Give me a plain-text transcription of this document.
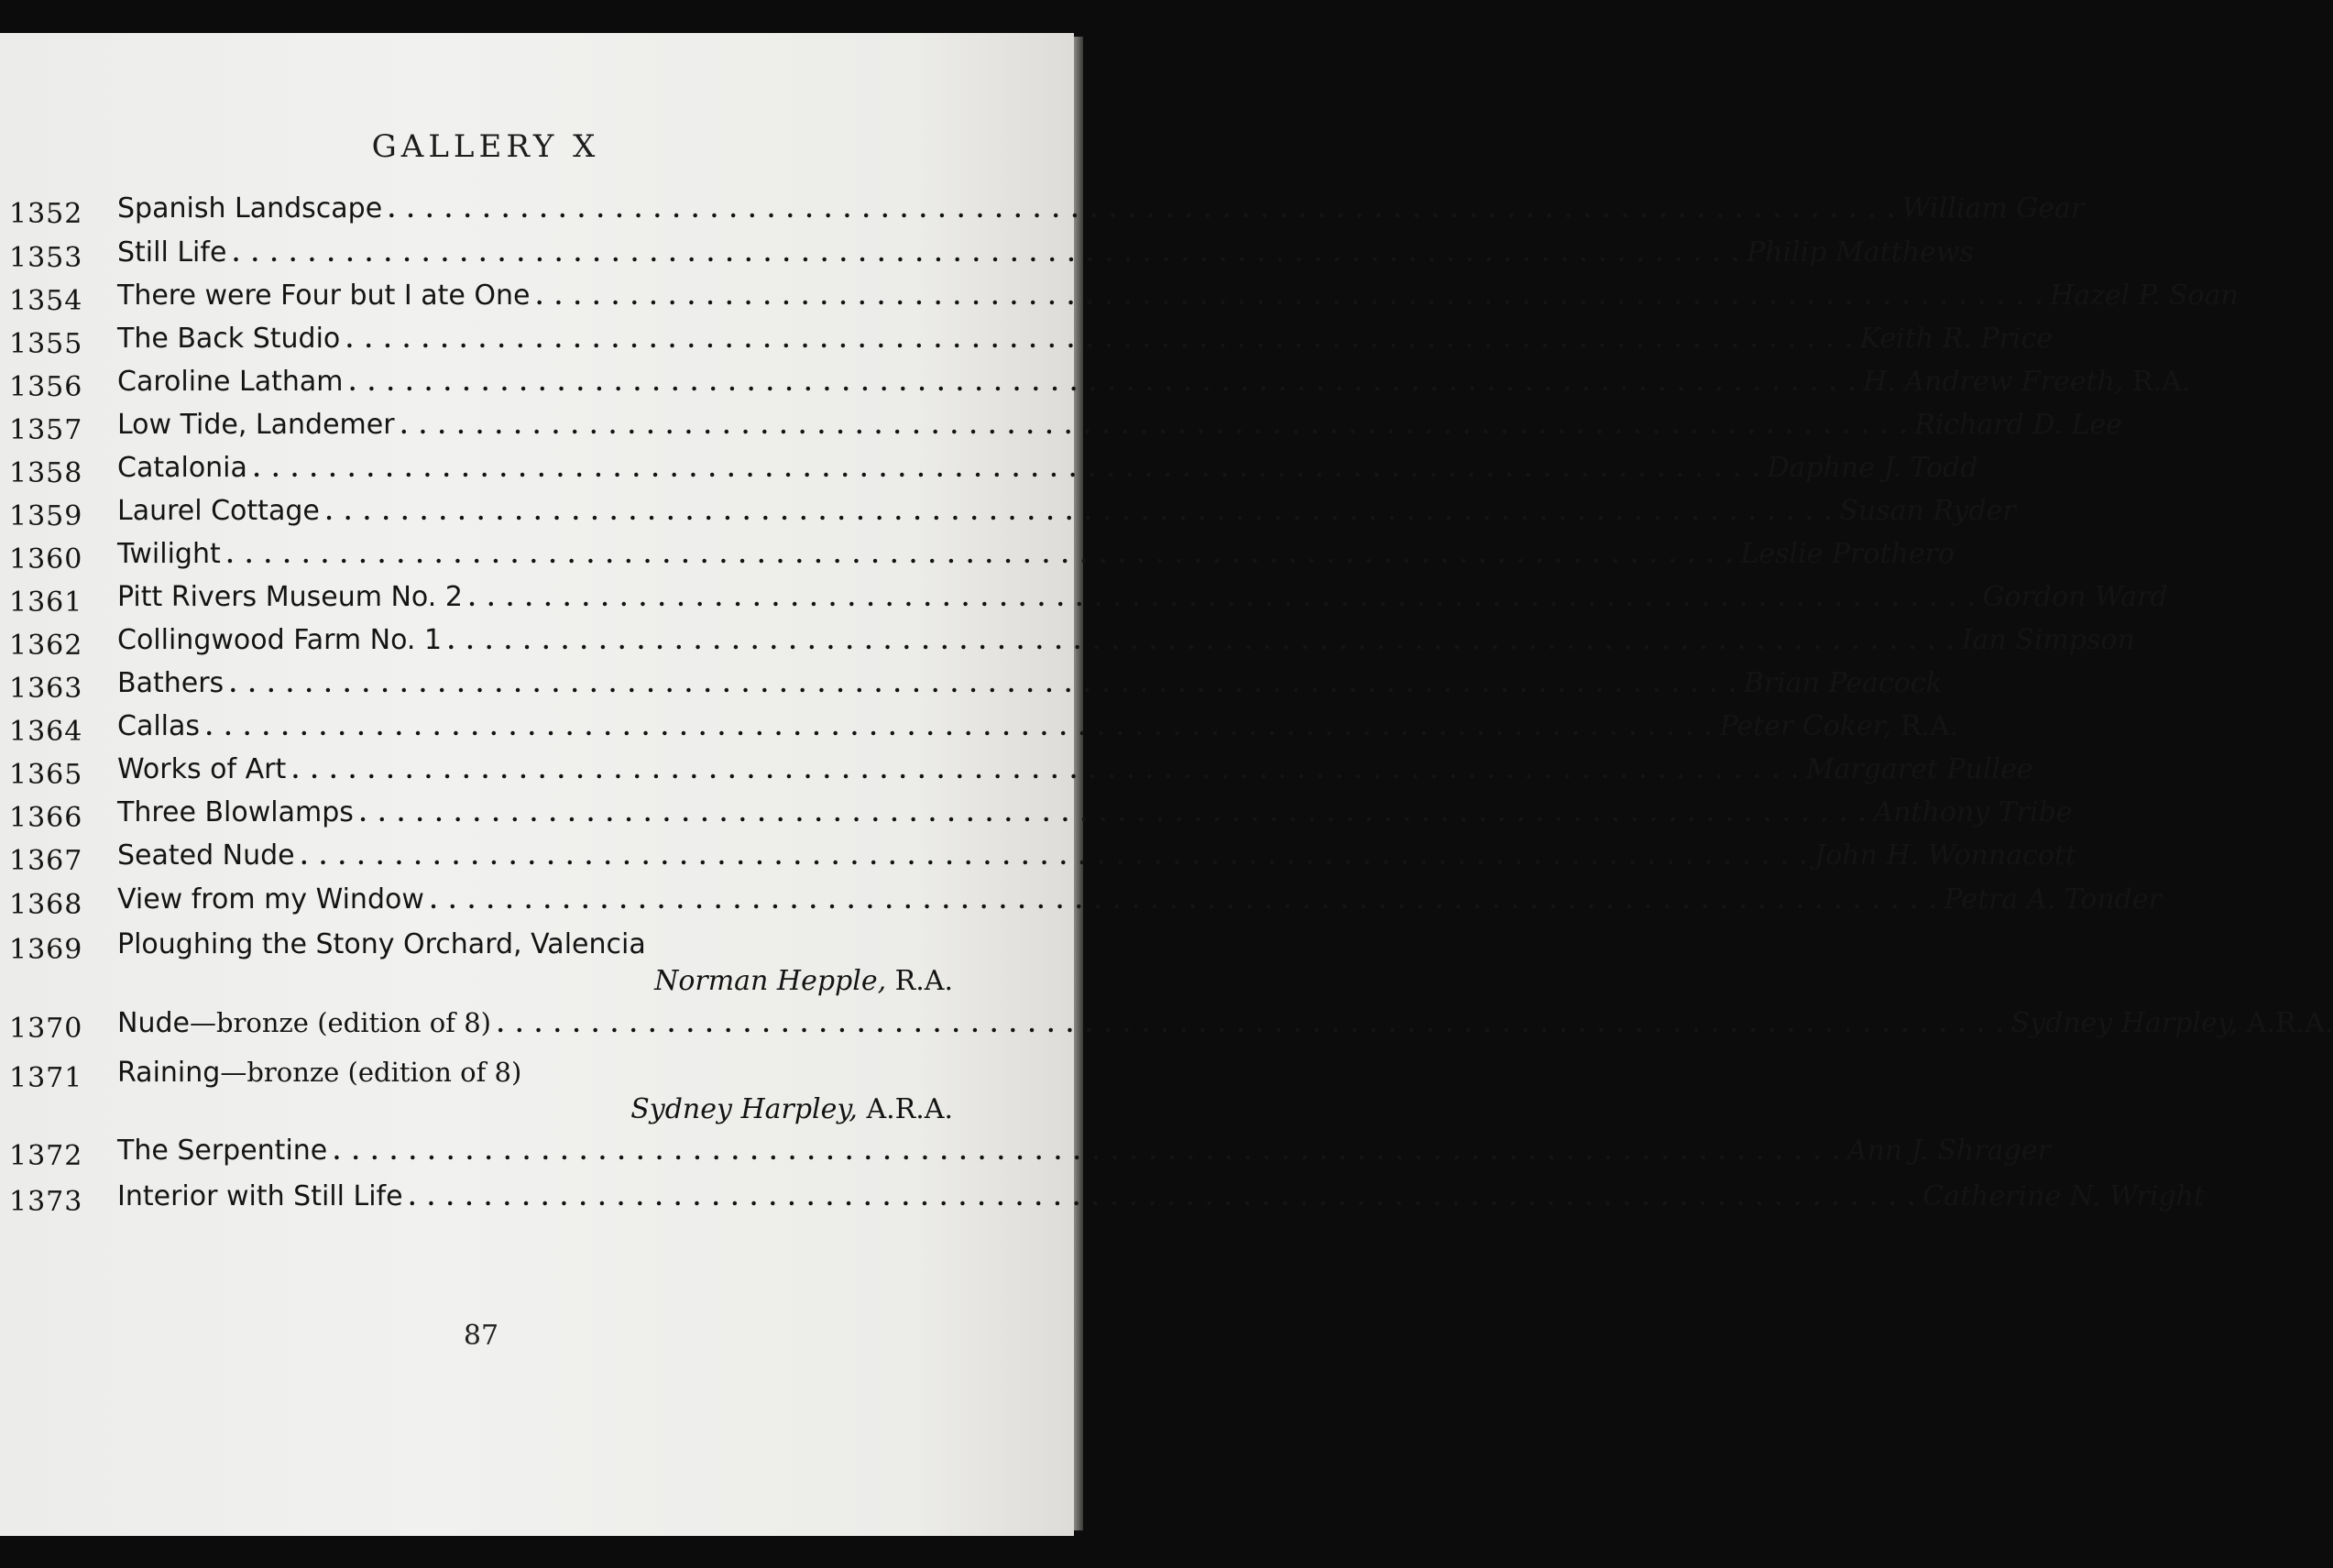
GALLERY X
1352 Spanish Landscape . . . . . . . . . . . . . . . . . . . . . . . . . . . . . . . . . . . . . . . . . . . . . . . . . . . . . . . . . . . . . . . . . . . . . . . . . . . . . . . . William Gear
1353 Still Life . . . . . . . . . . . . . . . . . . . . . . . . . . . . . . . . . . . . . . . . . . . . . . . . . . . . . . . . . . . . . . . . . . . . . . . . . . . . . . . . Philip Matthews
1354 There were Four but I ate One . . . . . . . . . . . . . . . . . . . . . . . . . . . . . . . . . . . . . . . . . . . . . . . . . . . . . . . . . . . . . . . . . . . . . . . . . . . . . . . . Hazel P. Soan
1355 The Back Studio . . . . . . . . . . . . . . . . . . . . . . . . . . . . . . . . . . . . . . . . . . . . . . . . . . . . . . . . . . . . . . . . . . . . . . . . . . . . . . . . Keith R. Price
1356 Caroline Latham . . . . . . . . . . . . . . . . . . . . . . . . . . . . . . . . . . . . . . . . . . . . . . . . . . . . . . . . . . . . . . . . . . . . . . . . . . . . . . . . H. Andrew Freeth, R.A.
1357 Low Tide, Landemer . . . . . . . . . . . . . . . . . . . . . . . . . . . . . . . . . . . . . . . . . . . . . . . . . . . . . . . . . . . . . . . . . . . . . . . . . . . . . . . . Richard D. Lee
1358 Catalonia . . . . . . . . . . . . . . . . . . . . . . . . . . . . . . . . . . . . . . . . . . . . . . . . . . . . . . . . . . . . . . . . . . . . . . . . . . . . . . . . Daphne J. Todd
1359 Laurel Cottage . . . . . . . . . . . . . . . . . . . . . . . . . . . . . . . . . . . . . . . . . . . . . . . . . . . . . . . . . . . . . . . . . . . . . . . . . . . . . . . . Susan Ryder
1360 Twilight . . . . . . . . . . . . . . . . . . . . . . . . . . . . . . . . . . . . . . . . . . . . . . . . . . . . . . . . . . . . . . . . . . . . . . . . . . . . . . . . Leslie Prothero
1361 Pitt Rivers Museum No. 2 . . . . . . . . . . . . . . . . . . . . . . . . . . . . . . . . . . . . . . . . . . . . . . . . . . . . . . . . . . . . . . . . . . . . . . . . . . . . . . . . Gordon Ward
1362 Collingwood Farm No. 1 . . . . . . . . . . . . . . . . . . . . . . . . . . . . . . . . . . . . . . . . . . . . . . . . . . . . . . . . . . . . . . . . . . . . . . . . . . . . . . . . Ian Simpson
1363 Bathers . . . . . . . . . . . . . . . . . . . . . . . . . . . . . . . . . . . . . . . . . . . . . . . . . . . . . . . . . . . . . . . . . . . . . . . . . . . . . . . . Brian Peacock
1364 Callas . . . . . . . . . . . . . . . . . . . . . . . . . . . . . . . . . . . . . . . . . . . . . . . . . . . . . . . . . . . . . . . . . . . . . . . . . . . . . . . . Peter Coker, R.A.
1365 Works of Art . . . . . . . . . . . . . . . . . . . . . . . . . . . . . . . . . . . . . . . . . . . . . . . . . . . . . . . . . . . . . . . . . . . . . . . . . . . . . . . . Margaret Pullee
1366 Three Blowlamps . . . . . . . . . . . . . . . . . . . . . . . . . . . . . . . . . . . . . . . . . . . . . . . . . . . . . . . . . . . . . . . . . . . . . . . . . . . . . . . . Anthony Tribe
1367 Seated Nude . . . . . . . . . . . . . . . . . . . . . . . . . . . . . . . . . . . . . . . . . . . . . . . . . . . . . . . . . . . . . . . . . . . . . . . . . . . . . . . . John H. Wonnacott
1368 View from my Window . . . . . . . . . . . . . . . . . . . . . . . . . . . . . . . . . . . . . . . . . . . . . . . . . . . . . . . . . . . . . . . . . . . . . . . . . . . . . . . . Petra A. Tonder
1369 Ploughing the Stony Orchard, Valencia
Norman Hepple, R.A.
1370 Nude—bronze (edition of 8) . . . . . . . . . . . . . . . . . . . . . . . . . . . . . . . . . . . . . . . . . . . . . . . . . . . . . . . . . . . . . . . . . . . . . . . . . . . . . . . . Sydney Harpley, A.R.A.
1371 Raining—bronze (edition of 8)
Sydney Harpley, A.R.A.
1372 The Serpentine . . . . . . . . . . . . . . . . . . . . . . . . . . . . . . . . . . . . . . . . . . . . . . . . . . . . . . . . . . . . . . . . . . . . . . . . . . . . . . . . Ann J. Shrager
1373 Interior with Still Life . . . . . . . . . . . . . . . . . . . . . . . . . . . . . . . . . . . . . . . . . . . . . . . . . . . . . . . . . . . . . . . . . . . . . . . . . . . . . . . . Catherine N. Wright
87
